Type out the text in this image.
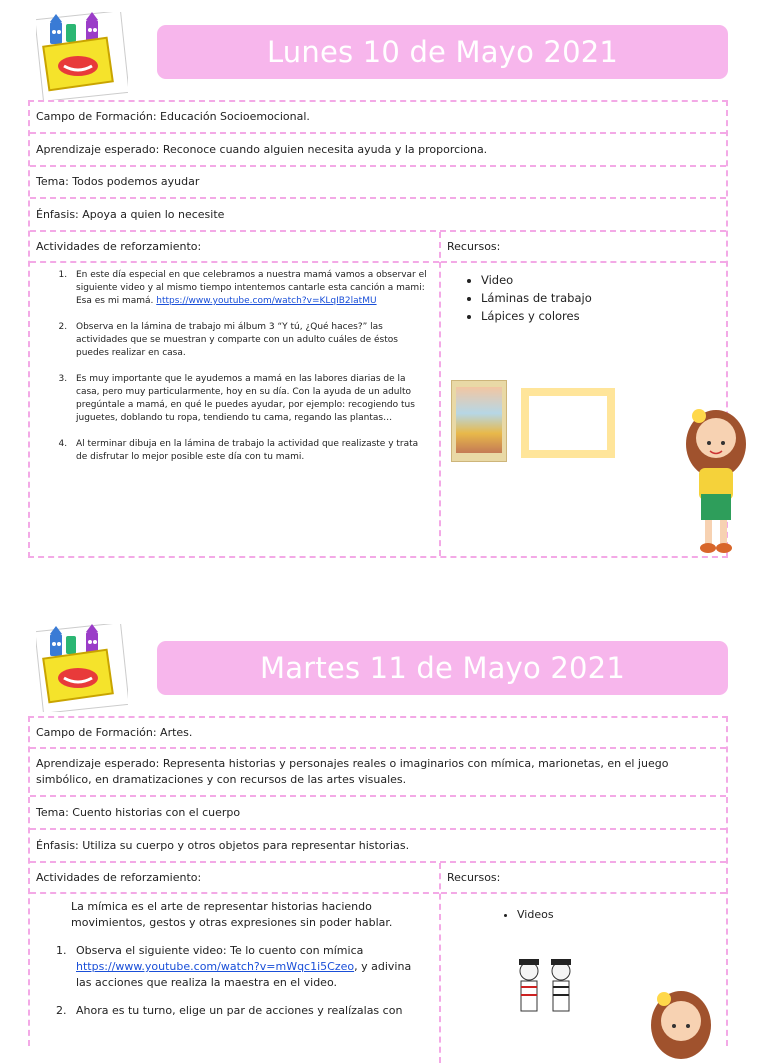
Lunes 10 de Mayo 2021
Campo de Formación: Educación Socioemocional.
Aprendizaje esperado: Reconoce cuando alguien necesita ayuda y la proporciona.
Tema: Todos podemos ayudar
Énfasis: Apoya a quien lo necesite
Actividades de reforzamiento:
1. En este día especial en que celebramos a nuestra mamá vamos a observar el siguiente video y al mismo tiempo intentemos cantarle esta canción a mami: Esa es mi mamá. https://www.youtube.com/watch?v=KLqIB2latMU
2. Observa en la lámina de trabajo mi álbum 3 “Y tú, ¿Qué haces?” las actividades que se muestran y comparte con un adulto cuáles de éstos puedes realizar en casa.
3. Es muy importante que le ayudemos a mamá en las labores diarias de la casa, pero muy particularmente, hoy en su día. Con la ayuda de un adulto pregúntale a mamá, en qué le puedes ayudar, por ejemplo: recogiendo tus juguetes, doblando tu ropa, tendiendo tu cama, regando las plantas…
4. Al terminar dibuja en la lámina de trabajo la actividad que realizaste y trata de disfrutar lo mejor posible este día con tu mami.
Recursos:
• Video
• Láminas de trabajo
• Lápices y colores
Martes 11 de Mayo 2021
Campo de Formación: Artes.
Aprendizaje esperado: Representa historias y personajes reales o imaginarios con mímica, marionetas, en el juego simbólico, en dramatizaciones y con recursos de las artes visuales.
Tema: Cuento historias con el cuerpo
Énfasis: Utiliza su cuerpo y otros objetos para representar historias.
Actividades de reforzamiento:
La mímica es el arte de representar historias haciendo movimientos, gestos y otras expresiones sin poder hablar.
1. Observa el siguiente video: Te lo cuento con mímica https://www.youtube.com/watch?v=mWqc1i5Czeo, y adivina las acciones que realiza la maestra en el video.
2. Ahora es tu turno, elige un par de acciones y realízalas con
Recursos:
• Videos
